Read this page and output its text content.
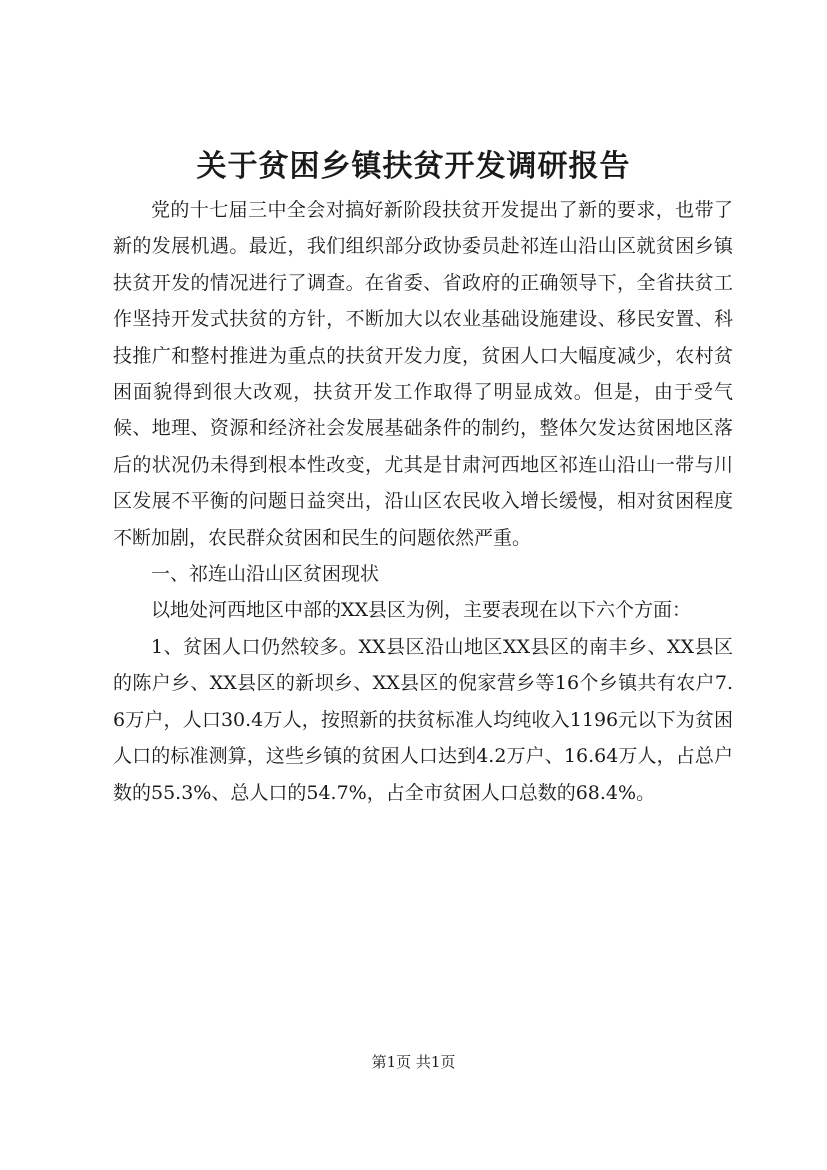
关于贫困乡镇扶贫开发调研报告

党的十七届三中全会对搞好新阶段扶贫开发提出了新的要求，也带了新的发展机遇。最近，我们组织部分政协委员赴祁连山沿山区就贫困乡镇扶贫开发的情况进行了调查。在省委、省政府的正确领导下，全省扶贫工作坚持开发式扶贫的方针，不断加大以农业基础设施建设、移民安置、科技推广和整村推进为重点的扶贫开发力度，贫困人口大幅度减少，农村贫困面貌得到很大改观，扶贫开发工作取得了明显成效。但是，由于受气候、地理、资源和经济社会发展基础条件的制约，整体欠发达贫困地区落后的状况仍未得到根本性改变，尤其是甘肃河西地区祁连山沿山一带与川区发展不平衡的问题日益突出，沿山区农民收入增长缓慢，相对贫困程度不断加剧，农民群众贫困和民生的问题依然严重。

一、祁连山沿山区贫困现状

以地处河西地区中部的XX县区为例，主要表现在以下六个方面：

1、贫困人口仍然较多。XX县区沿山地区XX县区的南丰乡、XX县区的陈户乡、XX县区的新坝乡、XX县区的倪家营乡等16个乡镇共有农户7.6万户，人口30.4万人，按照新的扶贫标准人均纯收入1196元以下为贫困人口的标准测算，这些乡镇的贫困人口达到4.2万户、16.64万人，占总户数的55.3%、总人口的54.7%，占全市贫困人口总数的68.4%。

第1页 共1页
